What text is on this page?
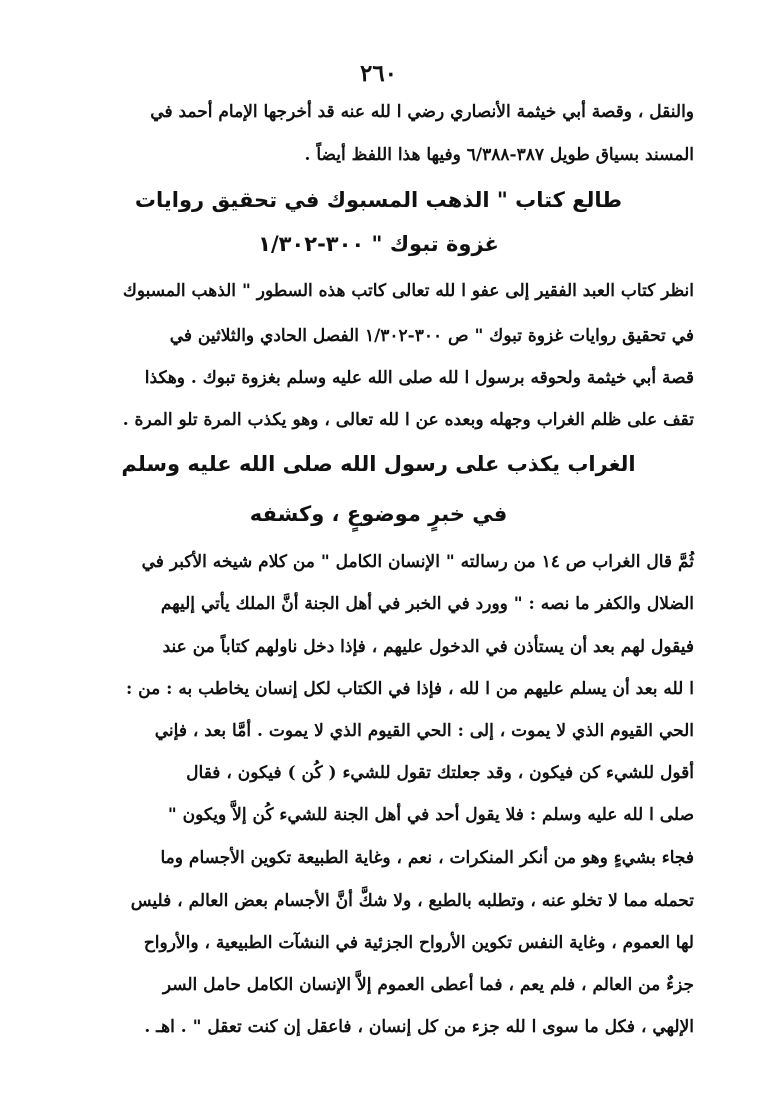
٢٦٠
والنقل ، وقصة أبي خيثمة الأنصاري رضي ا لله عنه قد أخرجها الإمام أحمد في
المسند بسياق طويل ٣٨٧-٦/٣٨٨ وفيها هذا اللفظ أيضاً .
طالع كتاب " الذهب المسبوك في تحقيق روايات
غزوة تبوك " ٣٠٠-١/٣٠٢
انظر كتاب العبد الفقير إلى عفو ا لله تعالى كاتب هذه السطور " الذهب المسبوك
في تحقيق روايات غزوة تبوك " ص ٣٠٠-١/٣٠٢ الفصل الحادي والثلاثين في
قصة أبي خيثمة ولحوقه برسول ا لله صلى الله عليه وسلم بغزوة تبوك . وهكذا
تقف على ظلم الغراب وجهله وبعده عن ا لله تعالى ، وهو يكذب المرة تلو المرة .
الغراب يكذب على رسول الله صلى الله عليه وسلم
في خبرٍ موضوعٍ ، وكشفه
ثُمَّ قال الغراب ص ١٤ من رسالته " الإنسان الكامل " من كلام شيخه الأكبر في
الضلال والكفر ما نصه : " وورد في الخبر في أهل الجنة أنَّ الملك يأتي إليهم
فيقول لهم بعد أن يستأذن في الدخول عليهم ، فإذا دخل ناولهم كتاباً من عند
ا لله بعد أن يسلم عليهم من ا لله ، فإذا في الكتاب لكل إنسان يخاطب به : من :
الحي القيوم الذي لا يموت ، إلى : الحي القيوم الذي لا يموت . أمَّا بعد ، فإني
أقول للشيء كن فيكون ، وقد جعلتك تقول للشيء ( كُن ) فيكون ، فقال
صلى ا لله عليه وسلم : فلا يقول أحد في أهل الجنة للشيء كُن إلاَّ ويكون "
فجاء بشيءٍ وهو من أنكر المنكرات ، نعم ، وغاية الطبيعة تكوين الأجسام وما
تحمله مما لا تخلو عنه ، وتطلبه بالطبع ، ولا شكَّ أنَّ الأجسام بعض العالم ، فليس
لها العموم ، وغاية النفس تكوين الأرواح الجزئية في النشآت الطبيعية ، والأرواح
جزءٌ من العالم ، فلم يعم ، فما أعطى العموم إلاَّ الإنسان الكامل حامل السر
الإلهي ، فكل ما سوى ا لله جزء من كل إنسان ، فاعقل إن كنت تعقل " . اهـ .
